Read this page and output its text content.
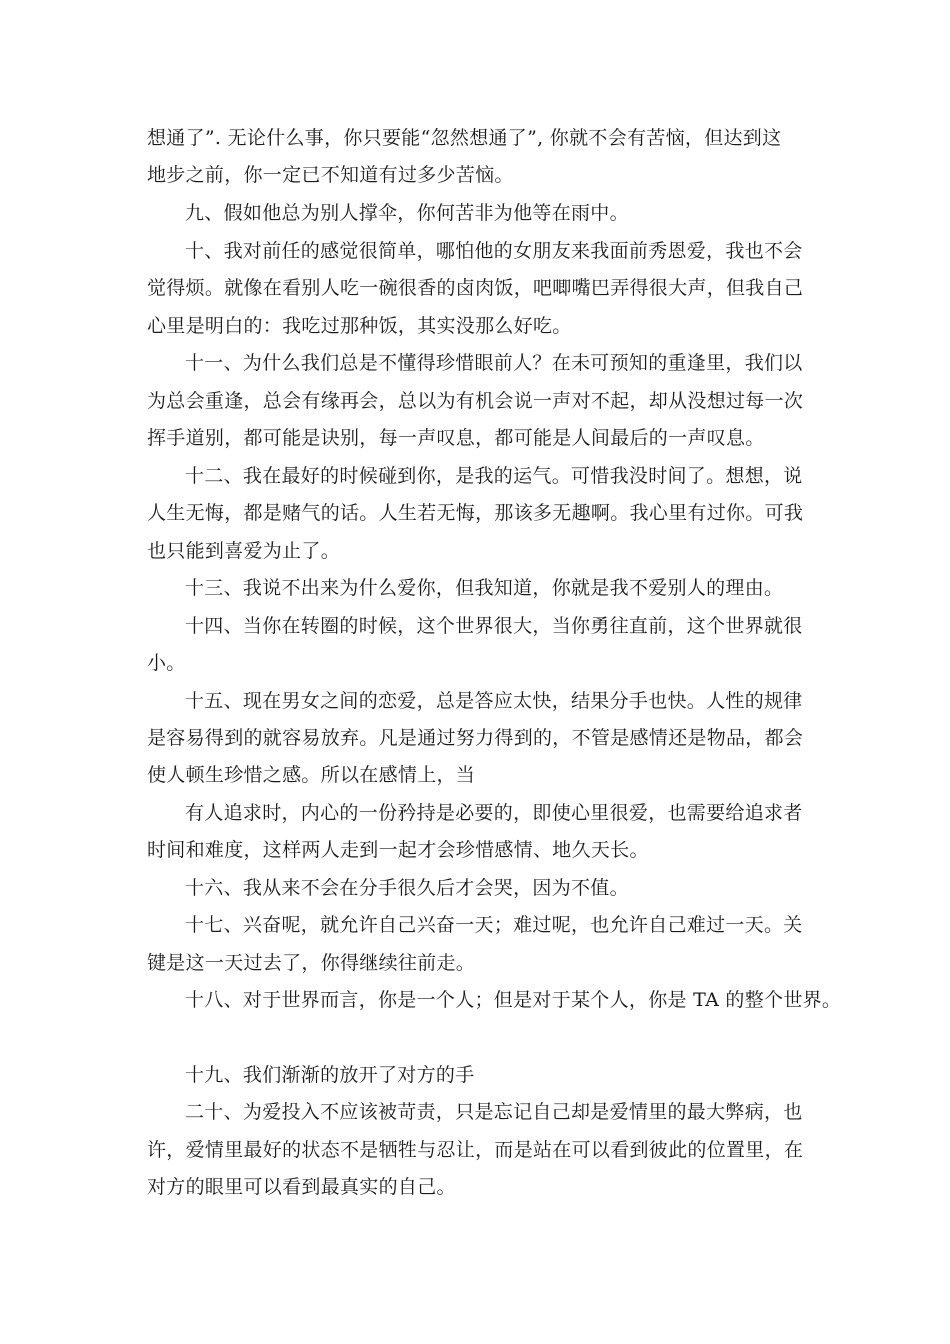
想通了”. 无论什么事，你只要能“忽然想通了”, 你就不会有苦恼，但达到这
地步之前，你一定已不知道有过多少苦恼。
九、假如他总为别人撑伞，你何苦非为他等在雨中。
十、我对前任的感觉很简单，哪怕他的女朋友来我面前秀恩爱，我也不会
觉得烦。就像在看别人吃一碗很香的卤肉饭，吧唧嘴巴弄得很大声，但我自己
心里是明白的：我吃过那种饭，其实没那么好吃。
十一、为什么我们总是不懂得珍惜眼前人？在未可预知的重逢里，我们以
为总会重逢，总会有缘再会，总以为有机会说一声对不起，却从没想过每一次
挥手道别，都可能是诀别，每一声叹息，都可能是人间最后的一声叹息。
十二、我在最好的时候碰到你，是我的运气。可惜我没时间了。想想，说
人生无悔，都是赌气的话。人生若无悔，那该多无趣啊。我心里有过你。可我
也只能到喜爱为止了。
十三、我说不出来为什么爱你，但我知道，你就是我不爱别人的理由。
十四、当你在转圈的时候，这个世界很大，当你勇往直前，这个世界就很
小。
十五、现在男女之间的恋爱，总是答应太快，结果分手也快。人性的规律
是容易得到的就容易放弃。凡是通过努力得到的，不管是感情还是物品，都会
使人顿生珍惜之感。所以在感情上，当
有人追求时，内心的一份矜持是必要的，即使心里很爱，也需要给追求者
时间和难度，这样两人走到一起才会珍惜感情、地久天长。
十六、我从来不会在分手很久后才会哭，因为不值。
十七、兴奋呢，就允许自己兴奋一天；难过呢，也允许自己难过一天。关
键是这一天过去了，你得继续往前走。
十八、对于世界而言，你是一个人；但是对于某个人，你是 TA 的整个世界。
十九、我们渐渐的放开了对方的手
二十、为爱投入不应该被苛责，只是忘记自己却是爱情里的最大弊病，也
许，爱情里最好的状态不是牺牲与忍让，而是站在可以看到彼此的位置里，在
对方的眼里可以看到最真实的自己。
